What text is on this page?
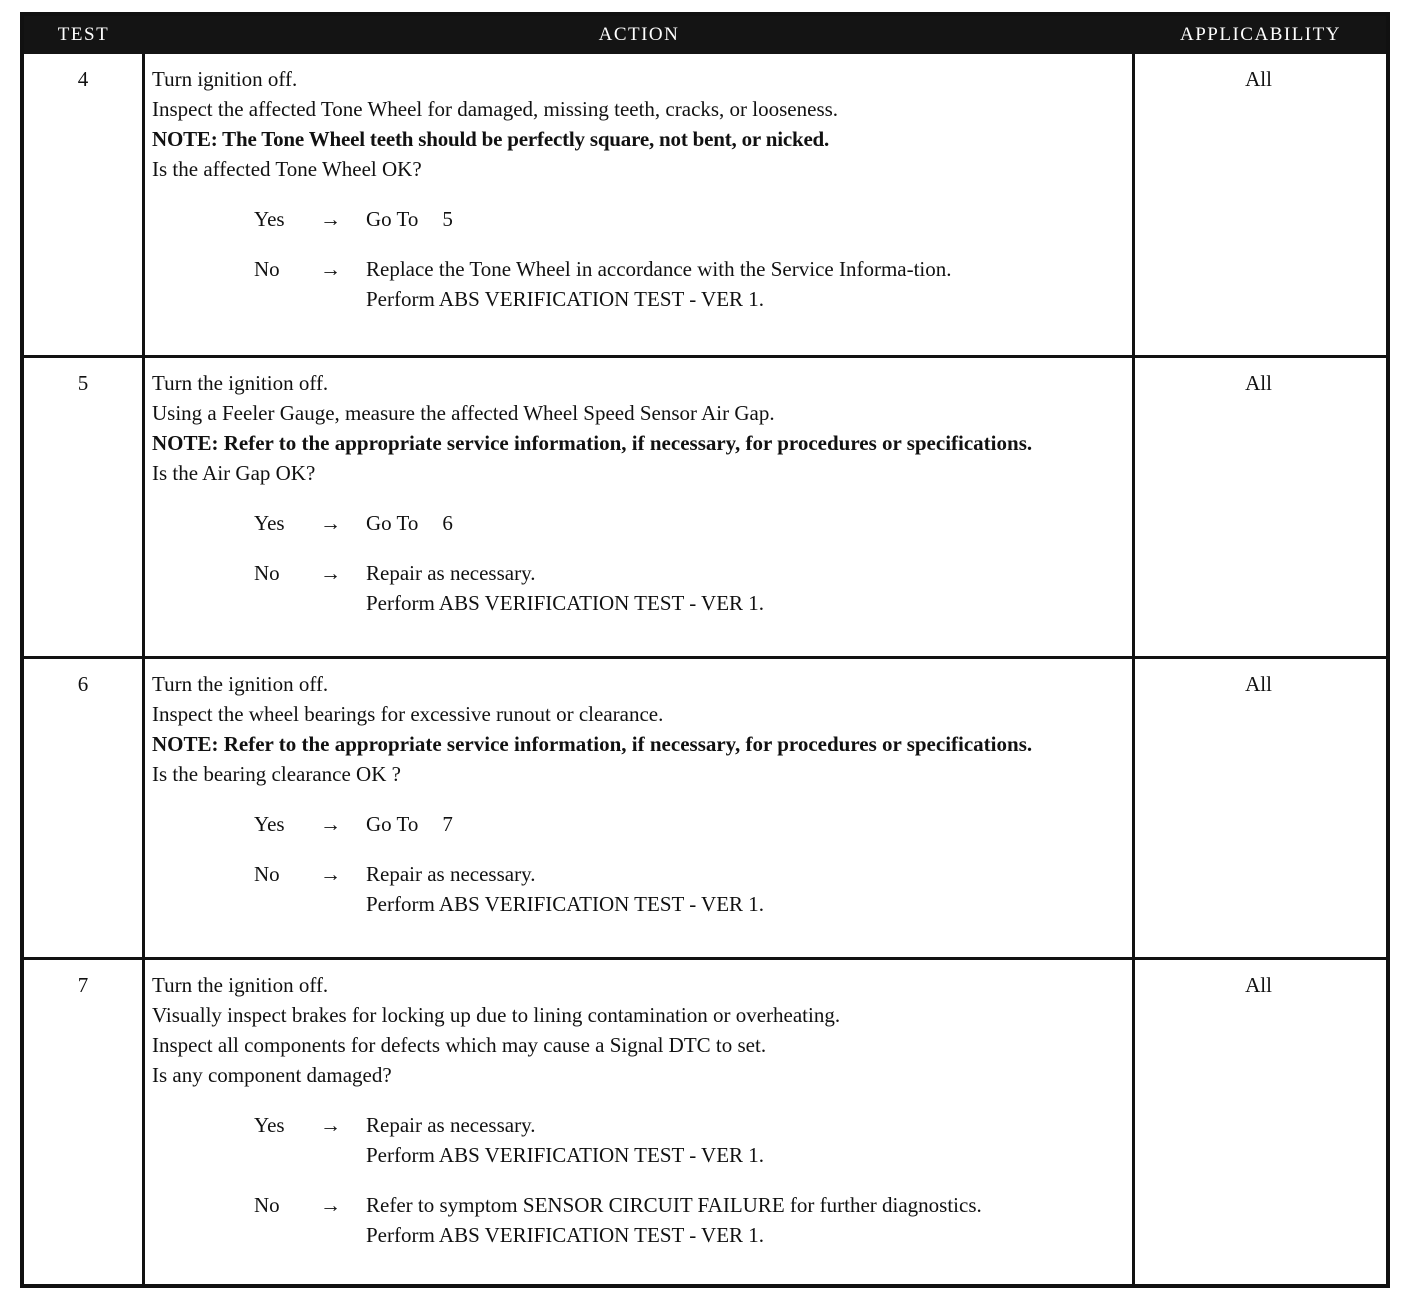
TEST	ACTION	APPLICABILITY
4	Turn ignition off.
Inspect the affected Tone Wheel for damaged, missing teeth, cracks, or looseness.
NOTE: The Tone Wheel teeth should be perfectly square, not bent, or nicked.
Is the affected Tone Wheel OK?
Yes	→	Go To 5
No	→	Replace the Tone Wheel in accordance with the Service Informa-tion.
Perform ABS VERIFICATION TEST - VER 1.
All
5	Turn the ignition off.
Using a Feeler Gauge, measure the affected Wheel Speed Sensor Air Gap.
NOTE: Refer to the appropriate service information, if necessary, for procedures or specifications.
Is the Air Gap OK?
Yes	→	Go To 6
No	→	Repair as necessary.
Perform ABS VERIFICATION TEST - VER 1.
All
6	Turn the ignition off.
Inspect the wheel bearings for excessive runout or clearance.
NOTE: Refer to the appropriate service information, if necessary, for procedures or specifications.
Is the bearing clearance OK ?
Yes	→	Go To 7
No	→	Repair as necessary.
Perform ABS VERIFICATION TEST - VER 1.
All
7	Turn the ignition off.
Visually inspect brakes for locking up due to lining contamination or overheating.
Inspect all components for defects which may cause a Signal DTC to set.
Is any component damaged?
Yes	→	Repair as necessary.
Perform ABS VERIFICATION TEST - VER 1.
No	→	Refer to symptom SENSOR CIRCUIT FAILURE for further diagnostics.
Perform ABS VERIFICATION TEST - VER 1.
All
